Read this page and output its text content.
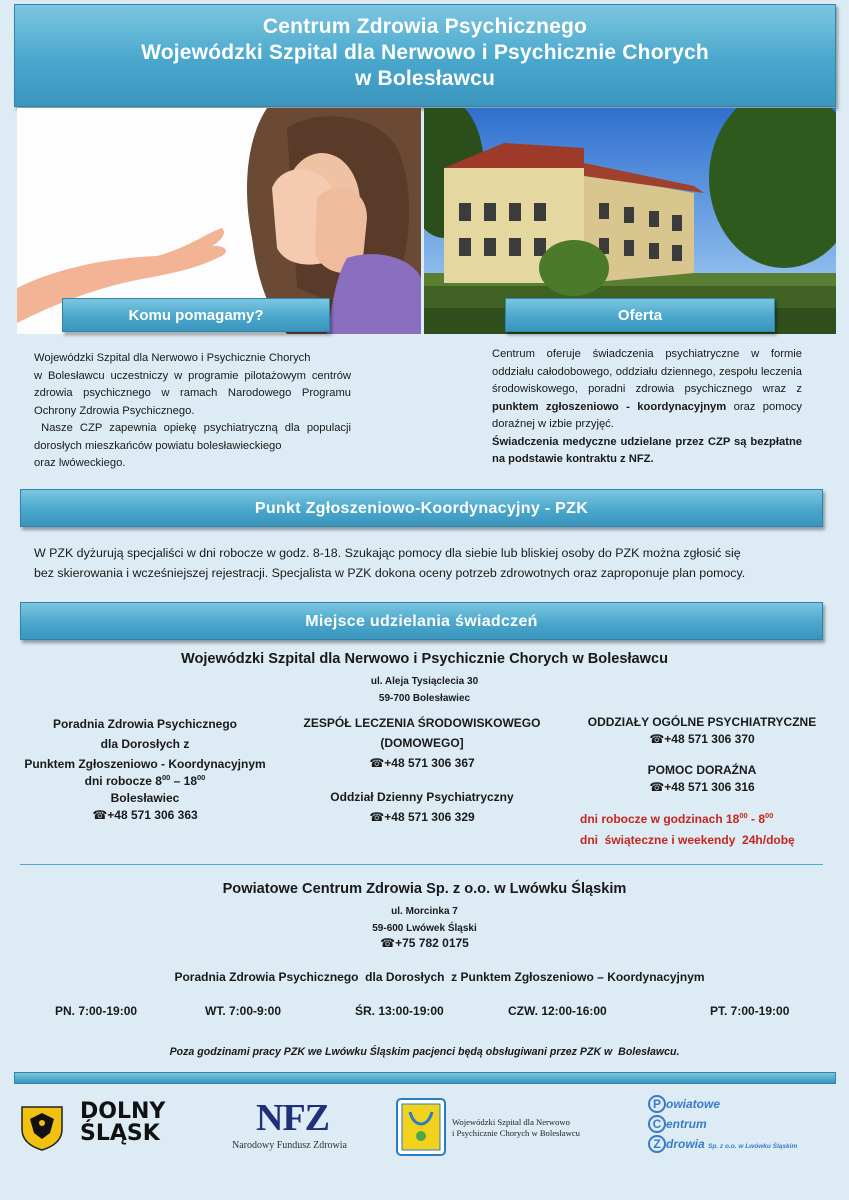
Centrum Zdrowia Psychicznego
Wojewódzki Szpital dla Nerwowo i Psychicznie Chorych
w Bolesławcu
Komu pomagamy?	Oferta
Wojewódzki Szpital dla Nerwowo i Psychicznie Chorych
w Bolesławcu uczestniczy w programie pilotażowym centrów
zdrowia psychicznego w ramach Narodowego Programu
Ochrony Zdrowia Psychicznego.
Nasze CZP zapewnia opiekę psychiatryczną dla populacji
dorosłych mieszkańców powiatu bolesławieckiego
oraz lwóweckiego.
Centrum oferuje świadczenia psychiatryczne w formie oddziału całodobowego, oddziału dziennego, zespołu leczenia środowiskowego, poradni zdrowia psychicznego wraz z punktem zgłoszeniowo - koordynacyjnym oraz pomocy doraźnej w izbie przyjęć.
Świadczenia medyczne udzielane przez CZP są bezpłatne na podstawie kontraktu z NFZ.
Punkt Zgłoszeniowo-Koordynacyjny - PZK
W PZK dyżurują specjaliści w dni robocze w godz. 8-18. Szukając pomocy dla siebie lub bliskiej osoby do PZK można zgłosić się
bez skierowania i wcześniejszej rejestracji. Specjalista w PZK dokona oceny potrzeb zdrowotnych oraz zaproponuje plan pomocy.
Miejsce udzielania świadczeń
Wojewódzki Szpital dla Nerwowo i Psychicznie Chorych w Bolesławcu
ul. Aleja Tysiąclecia 30
59-700 Bolesławiec
Poradnia Zdrowia Psychicznego
dla Dorosłych z
Punktem Zgłoszeniowo - Koordynacyjnym
dni robocze $8^{00} - 18^{00}$
Bolesławiec
☎+48 571 306 363
ZESPÓŁ LECZENIA ŚRODOWISKOWEGO
(DOMOWEGO]
☎+48 571 306 367
Oddział Dzienny Psychiatryczny
☎+48 571 306 329
ODDZIAŁY OGÓLNE PSYCHIATRYCZNE
☎+48 571 306 370
POMOC DORAŹNA
☎+48 571 306 316
dni robocze w godzinach $18^{00} - 8^{00}$
dni  świąteczne i weekendy  24h/dobę
Powiatowe Centrum Zdrowia Sp. z o.o. w Lwówku Śląskim
ul. Morcinka 7
59-600 Lwówek Śląski
☎+75 782 0175
Poradnia Zdrowia Psychicznego  dla Dorosłych  z Punktem Zgłoszeniowo – Koordynacyjnym
PN. 7:00-19:00	WT. 7:00-9:00	ŚR. 13:00-19:00	CZW. 12:00-16:00	PT. 7:00-19:00
Poza godzinami pracy PZK we Lwówku Śląskim pacjenci będą obsługiwani przez PZK w  Bolesławcu.
DOLNY
ŚLĄSK	NFZ
Narodowy Fundusz Zdrowia
Wojewódzki Szpital dla Nerwowo
i Psychicznie Chorych w Bolesławcu
P owiatowe
C entrum
Z drowia Sp. z o.o. w Lwówku Śląskim
